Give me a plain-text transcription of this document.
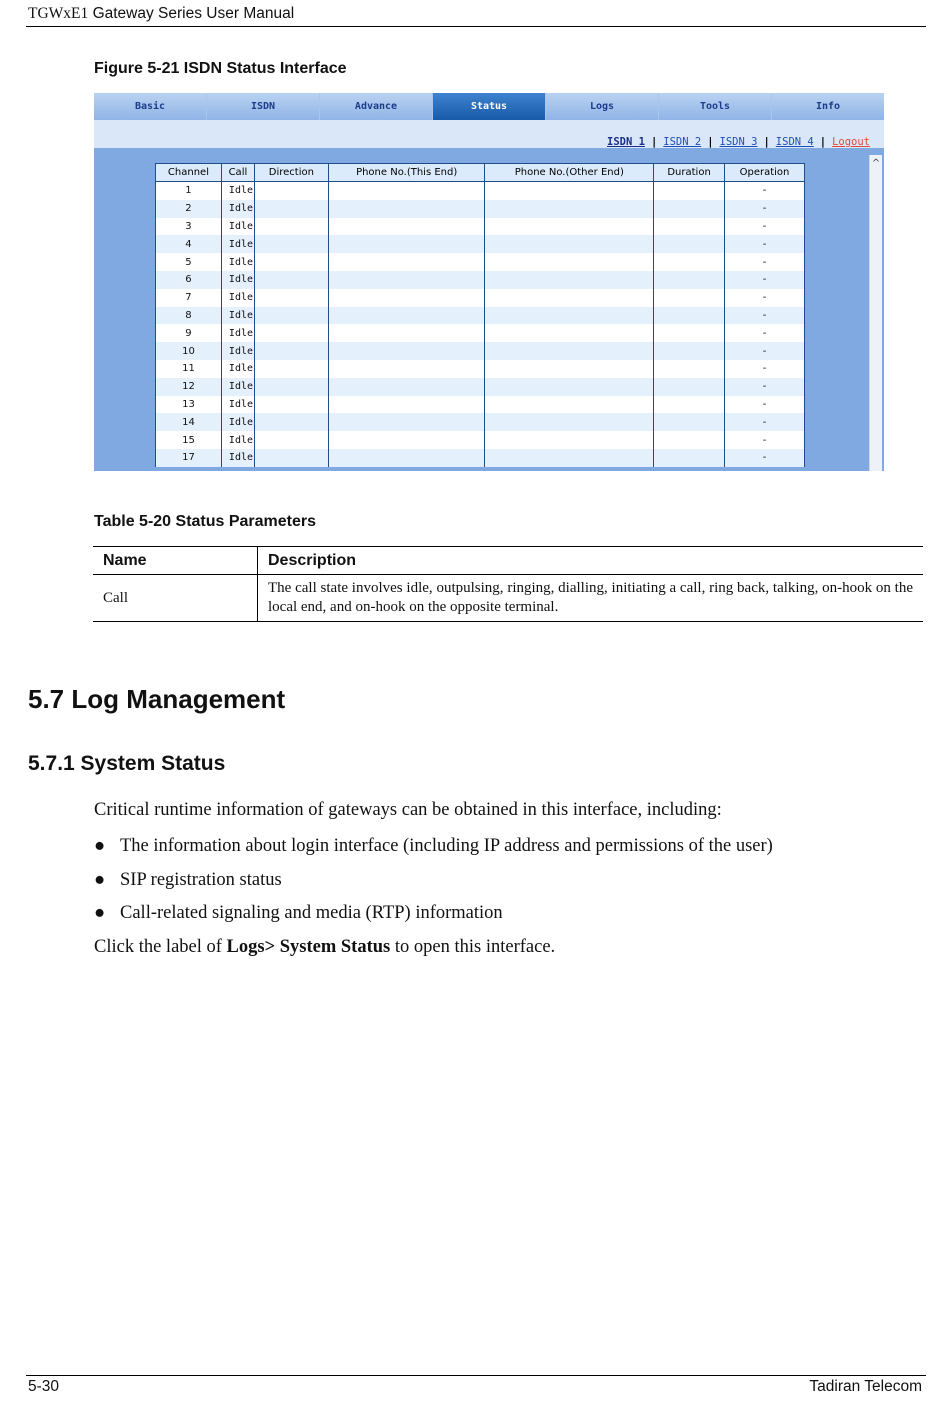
TGWxE1 Gateway Series User Manual
Figure 5-21 ISDN Status Interface
Basic	ISDN	Advance	Status	Logs	Tools	Info
ISDN 1 | ISDN 2 | ISDN 3 | ISDN 4 | Logout
^
Channel	Call	Direction	Phone No.(This End)	Phone No.(Other End)	Duration	Operation
1	Idle					-
2	Idle					-
3	Idle					-
4	Idle					-
5	Idle					-
6	Idle					-
7	Idle					-
8	Idle					-
9	Idle					-
10	Idle					-
11	Idle					-
12	Idle					-
13	Idle					-
14	Idle					-
15	Idle					-
17	Idle					-
Table 5-20 Status Parameters
Name	Description
Call	The call state involves idle, outpulsing, ringing, dialling, initiating a call, ring back, talking, on-hook on the local end, and on-hook on the opposite terminal.
5.7 Log Management
5.7.1 System Status
Critical runtime information of gateways can be obtained in this interface, including:
● The information about login interface (including IP address and permissions of the user)
● SIP registration status
● Call-related signaling and media (RTP) information
Click the label of Logs> System Status to open this interface.
5-30	Tadiran Telecom
